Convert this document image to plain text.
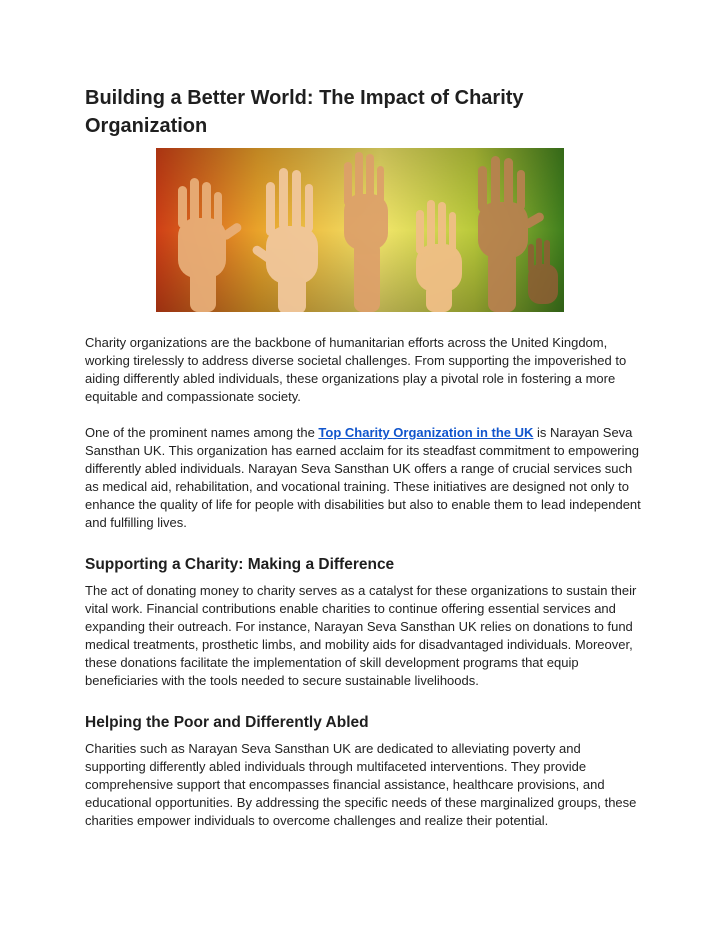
Building a Better World: The Impact of Charity Organization

Charity organizations are the backbone of humanitarian efforts across the United Kingdom, working tirelessly to address diverse societal challenges. From supporting the impoverished to aiding differently abled individuals, these organizations play a pivotal role in fostering a more equitable and compassionate society.

One of the prominent names among the Top Charity Organization in the UK is Narayan Seva Sansthan UK. This organization has earned acclaim for its steadfast commitment to empowering differently abled individuals. Narayan Seva Sansthan UK offers a range of crucial services such as medical aid, rehabilitation, and vocational training. These initiatives are designed not only to enhance the quality of life for people with disabilities but also to enable them to lead independent and fulfilling lives.

Supporting a Charity: Making a Difference

The act of donating money to charity serves as a catalyst for these organizations to sustain their vital work. Financial contributions enable charities to continue offering essential services and expanding their outreach. For instance, Narayan Seva Sansthan UK relies on donations to fund medical treatments, prosthetic limbs, and mobility aids for disadvantaged individuals. Moreover, these donations facilitate the implementation of skill development programs that equip beneficiaries with the tools needed to secure sustainable livelihoods.

Helping the Poor and Differently Abled

Charities such as Narayan Seva Sansthan UK are dedicated to alleviating poverty and supporting differently abled individuals through multifaceted interventions. They provide comprehensive support that encompasses financial assistance, healthcare provisions, and educational opportunities. By addressing the specific needs of these marginalized groups, these charities empower individuals to overcome challenges and realize their potential.
